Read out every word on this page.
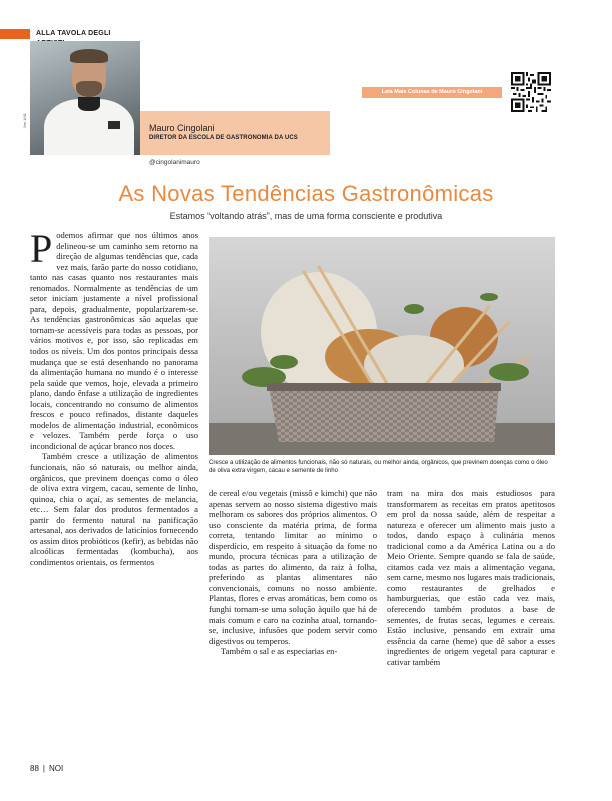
ALLA TAVOLA DEGLI
Ver 1/41	Mauro Cingolani
DIRETOR DA ESCOLA DE GASTRONOMIA DA UCS
@cingolanimauro
Leia Mais Colunas de Mauro Cingolani
As Novas Tendências Gastronômicas
Estamos “voltando atrás”, mas de uma forma consciente e produtiva
P odemos afirmar que nos últimos anos delineou-se um caminho sem retorno na direção de algumas tendências que, cada vez mais, farão parte do nosso cotidiano, tanto nas casas quanto nos restaurantes mais renomados. Normalmente as tendências de um setor iniciam justamente a nível profissional para, depois, gradualmente, popularizarem-se. As tendências gastronômicas são aquelas que tornam-se acessíveis para todas as pessoas, por vários motivos e, por isso, são replicadas em todos os níveis. Um dos pontos principais dessa mudança que se está desenhando no panorama da alimentação humana no mundo é o interesse pela saúde que vemos, hoje, elevada a primeiro plano, dando ênfase a utilização de ingredientes locais, concentrando no consumo de alimentos frescos e pouco refinados, distante daqueles modelos de alimentação industrial, econômicos e velozes. Também perde força o uso incondicional de açúcar branco nos doces.

Também cresce a utilização de alimentos funcionais, não só naturais, ou melhor ainda, orgânicos, que previnem doenças como o óleo de oliva extra virgem, cacau, semente de linho, quinoa, chia o açaí, as sementes de melancia, etc… Sem falar dos produtos fermentados a partir do fermento natural na panificação artesanal, aos derivados de laticínios fornecendo os assim ditos probióticos (kefir), as bebidas não alcoólicas fermentadas (kombucha), aos condimentos orientais, os fermentos

Cresce a utilização de alimentos funcionais, não só naturais, ou melhor ainda, orgânicos, que previnem doenças como o óleo de oliva extra virgem, cacau e semente de linho

de cereal e/ou vegetais (missô e kimchi) que não apenas servem ao nosso sistema digestivo mais melhoram os sabores dos próprios alimentos. O uso consciente da matéria prima, de forma correta, tentando limitar ao mínimo o disperdício, em respeito à situação da fome no mundo, procura técnicas para a utilização de todas as partes do alimento, da raiz à folha, preferindo as plantas alimentares não convencionais, comuns no nosso ambiente. Plantas, flores e ervas aromáticas, bem como os funghi tornam-se uma solução àquilo que há de mais comum e caro na cozinha atual, tornando-se, inclusive, infusões que podem servir como digestivos ou temperos.

Também o sal e as especiarias en-

tram na mira dos mais estudiosos para transformarem as receitas em pratos apetitosos em prol da nossa saúde, além de respeitar a natureza e oferecer um alimento mais justo a todos, dando espaço à culinária menos tradicional como a da América Latina ou a do Meio Oriente. Sempre quando se fala de saúde, citamos cada vez mais a alimentação vegana, sem carne, mesmo nos lugares mais tradicionais, como restaurantes de grelhados e hamburguerias, que estão cada vez mais, oferecendo também produtos a base de sementes, de frutas secas, legumes e cereais. Estão inclusive, pensando em extrair uma essência da carne (heme) que dê sabor a esses ingredientes de origem vegetal para capturar e cativar também

88 | NOI
